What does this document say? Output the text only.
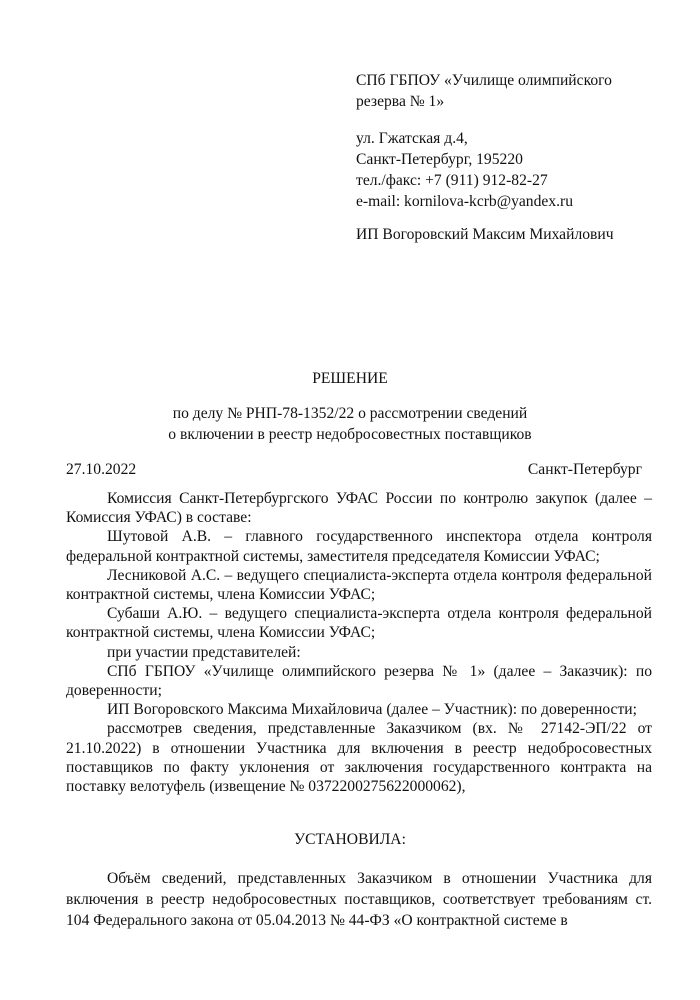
СПб ГБПОУ «Училище олимпийского
резерва № 1»
ул. Гжатская д.4,
Санкт-Петербург, 195220
тел./факс: +7 (911) 912-82-27
e-mail: kornilova-kcrb@yandex.ru
ИП Вогоровский Максим Михайлович
РЕШЕНИЕ
по делу № РНП-78-1352/22 о рассмотрении сведений
о включении в реестр недобросовестных поставщиков
27.10.2022	Санкт-Петербург

Комиссия Санкт-Петербургского УФАС России по контролю закупок (далее – Комиссия УФАС) в составе:

Шутовой А.В. – главного государственного инспектора отдела контроля федеральной контрактной системы, заместителя председателя Комиссии УФАС;

Лесниковой А.С. – ведущего специалиста-эксперта отдела контроля федеральной контрактной системы, члена Комиссии УФАС;

Субаши А.Ю. – ведущего специалиста-эксперта отдела контроля федеральной контрактной системы, члена Комиссии УФАС;

при участии представителей:

СПб ГБПОУ «Училище олимпийского резерва № 1» (далее – Заказчик): по доверенности;

ИП Вогоровского Максима Михайловича (далее – Участник): по доверенности;

рассмотрев сведения, представленные Заказчиком (вх. № 27142-ЭП/22 от 21.10.2022) в отношении Участника для включения в реестр недобросовестных поставщиков по факту уклонения от заключения государственного контракта на поставку велотуфель (извещение № 0372200275622000062),

УСТАНОВИЛА:

Объём сведений, представленных Заказчиком в отношении Участника для включения в реестр недобросовестных поставщиков, соответствует требованиям ст. 104 Федерального закона от 05.04.2013 № 44-ФЗ «О контрактной системе в
